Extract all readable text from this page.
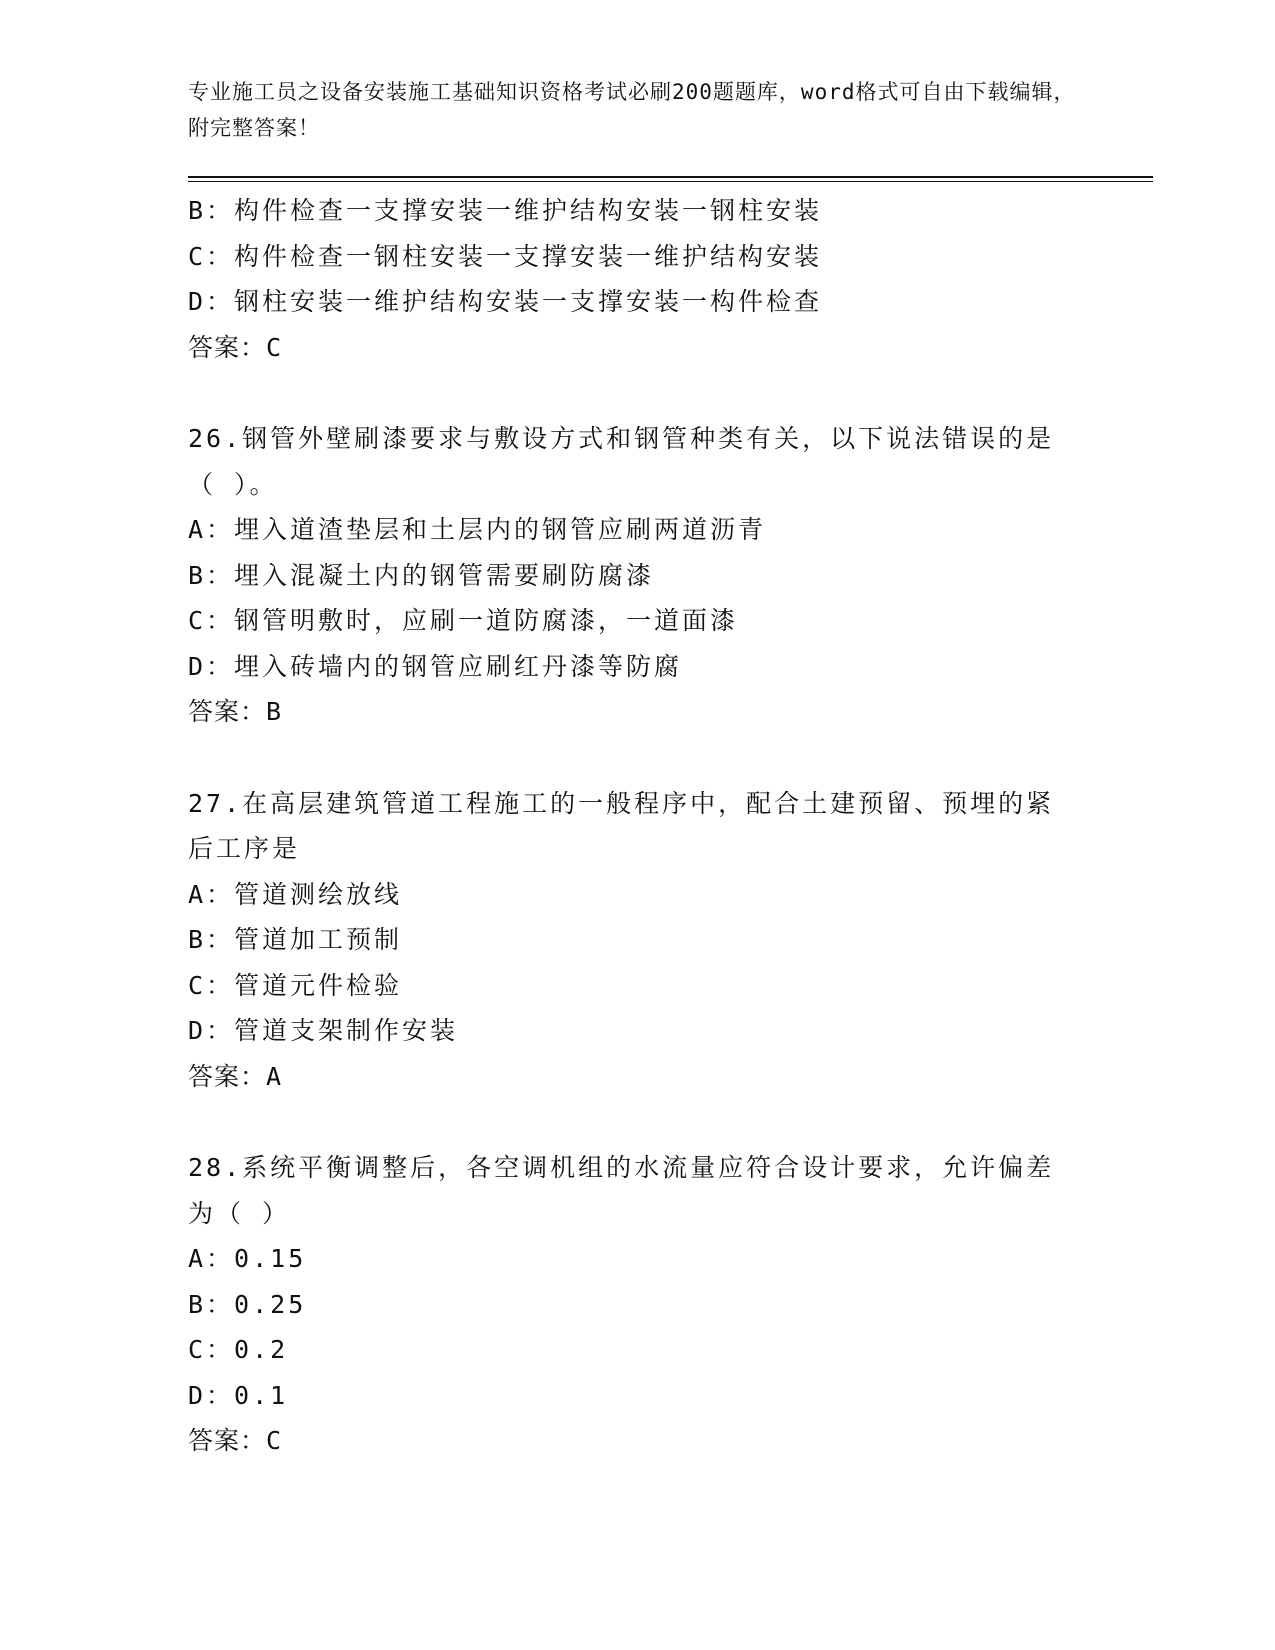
专业施工员之设备安装施工基础知识资格考试必刷200题题库，word格式可自由下载编辑，附完整答案！
B：构件检查一支撑安装一维护结构安装一钢柱安装
C：构件检查一钢柱安装一支撑安装一维护结构安装
D：钢柱安装一维护结构安装一支撑安装一构件检查
答案：C
26.钢管外壁刷漆要求与敷设方式和钢管种类有关，以下说法错误的是（ ）。
A：埋入道渣垫层和土层内的钢管应刷两道沥青
B：埋入混凝土内的钢管需要刷防腐漆
C：钢管明敷时，应刷一道防腐漆，一道面漆
D：埋入砖墙内的钢管应刷红丹漆等防腐
答案：B
27.在高层建筑管道工程施工的一般程序中，配合土建预留、预埋的紧后工序是
A：管道测绘放线
B：管道加工预制
C：管道元件检验
D：管道支架制作安装
答案：A
28.系统平衡调整后，各空调机组的水流量应符合设计要求，允许偏差为（ ）
A：0.15
B：0.25
C：0.2
D：0.1
答案：C
